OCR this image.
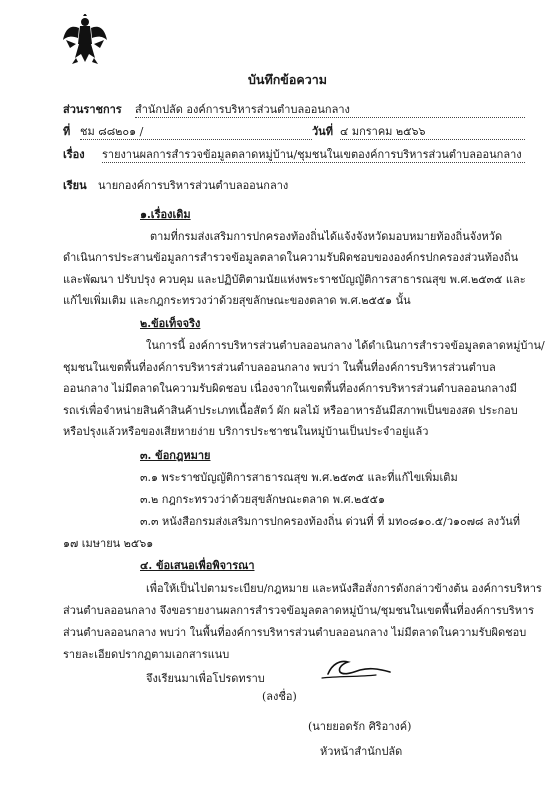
บันทึกข้อความ
ส่วนราชการ สำนักปลัด องค์การบริหารส่วนตำบลออนกลาง
ที่ ชม ๘๘๒๐๑ /	วันที่ ๔ มกราคม ๒๕๖๖
เรื่อง รายงานผลการสำรวจข้อมูลตลาดหมู่บ้าน/ชุมชนในเขตองค์การบริหารส่วนตำบลออนกลาง
เรียน นายกองค์การบริหารส่วนตำบลออนกลาง
๑.เรื่องเดิม
ตามที่กรมส่งเสริมการปกครองท้องถิ่นได้แจ้งจังหวัดมอบหมายท้องถิ่นจังหวัด
ดำเนินการประสานข้อมูลการสำรวจข้อมูลตลาดในความรับผิดชอบขององค์กรปกครองส่วนท้องถิ่น
และพัฒนา ปรับปรุง ควบคุม และปฏิบัติตามนัยแห่งพระราชบัญญัติการสาธารณสุข พ.ศ.๒๕๓๕ และ
แก้ไขเพิ่มเติม และกฎกระทรวงว่าด้วยสุขลักษณะของตลาด พ.ศ.๒๕๕๑ นั้น
๒.ข้อเท็จจริง
ในการนี้ องค์การบริหารส่วนตำบลออนกลาง ได้ดำเนินการสำรวจข้อมูลตลาดหมู่บ้าน/
ชุมชนในเขตพื้นที่องค์การบริหารส่วนตำบลออนกลาง พบว่า ในพื้นที่องค์การบริหารส่วนตำบล
ออนกลาง ไม่มีตลาดในความรับผิดชอบ เนื่องจากในเขตพื้นที่องค์การบริหารส่วนตำบลออนกลางมี
รถเร่เพื่อจำหน่ายสินค้าสินค้าประเภทเนื้อสัตว์ ผัก ผลไม้ หรืออาหารอันมีสภาพเป็นของสด ประกอบ
หรือปรุงแล้วหรือของเสียหายง่าย บริการประชาชนในหมู่บ้านเป็นประจำอยู่แล้ว
๓. ข้อกฎหมาย
๓.๑ พระราชบัญญัติการสาธารณสุข พ.ศ.๒๕๓๕ และที่แก้ไขเพิ่มเติม
๓.๒ กฎกระทรวงว่าด้วยสุขลักษณะตลาด พ.ศ.๒๕๕๑
๓.๓ หนังสือกรมส่งเสริมการปกครองท้องถิ่น ด่วนที่ ที่ มท๐๘๑๐.๕/ว๑๐๗๘ ลงวันที่
๑๗ เมษายน ๒๕๖๑
๔. ข้อเสนอเพื่อพิจารณา
เพื่อให้เป็นไปตามระเบียบ/กฎหมาย และหนังสือสั่งการดังกล่าวข้างต้น องค์การบริหาร
ส่วนตำบลออนกลาง จึงขอรายงานผลการสำรวจข้อมูลตลาดหมู่บ้าน/ชุมชนในเขตพื้นที่องค์การบริหาร
ส่วนตำบลออนกลาง พบว่า ในพื้นที่องค์การบริหารส่วนตำบลออนกลาง ไม่มีตลาดในความรับผิดชอบ
รายละเอียดปรากฏตามเอกสารแนบ
จึงเรียนมาเพื่อโปรดทราบ
(ลงชื่อ)
(นายยอดรัก ศิริอางค์)
หัวหน้าสำนักปลัด
